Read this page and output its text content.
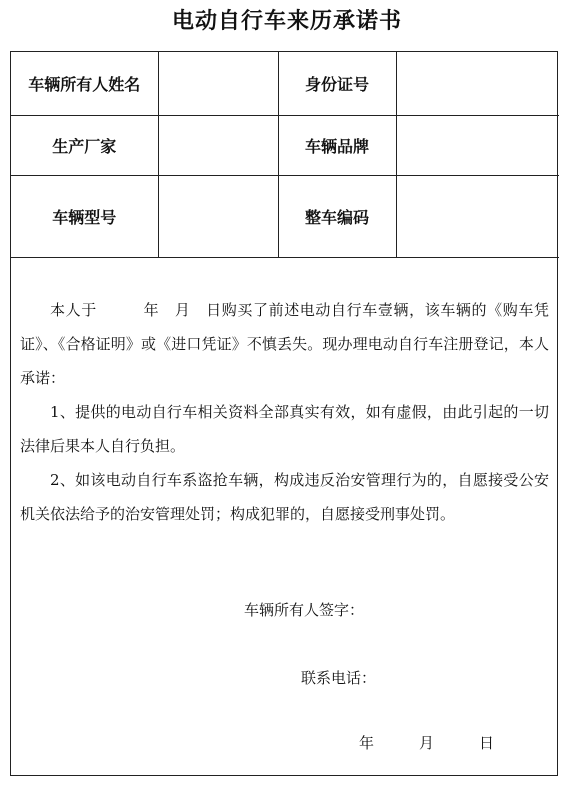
电动自行车来历承诺书
车辆所有人姓名		身份证号	
生产厂家		车辆品牌	
车辆型号		整车编码	

本人于　　　年　月　日购买了前述电动自行车壹辆，该车辆的《购车凭证》、《合格证明》或《进口凭证》不慎丢失。现办理电动自行车注册登记，本人承诺：

1、提供的电动自行车相关资料全部真实有效，如有虚假，由此引起的一切法律后果本人自行负担。

2、如该电动自行车系盗抢车辆，构成违反治安管理行为的，自愿接受公安机关依法给予的治安管理处罚；构成犯罪的，自愿接受刑事处罚。

车辆所有人签字：
联系电话：
年　　　月　　　日
